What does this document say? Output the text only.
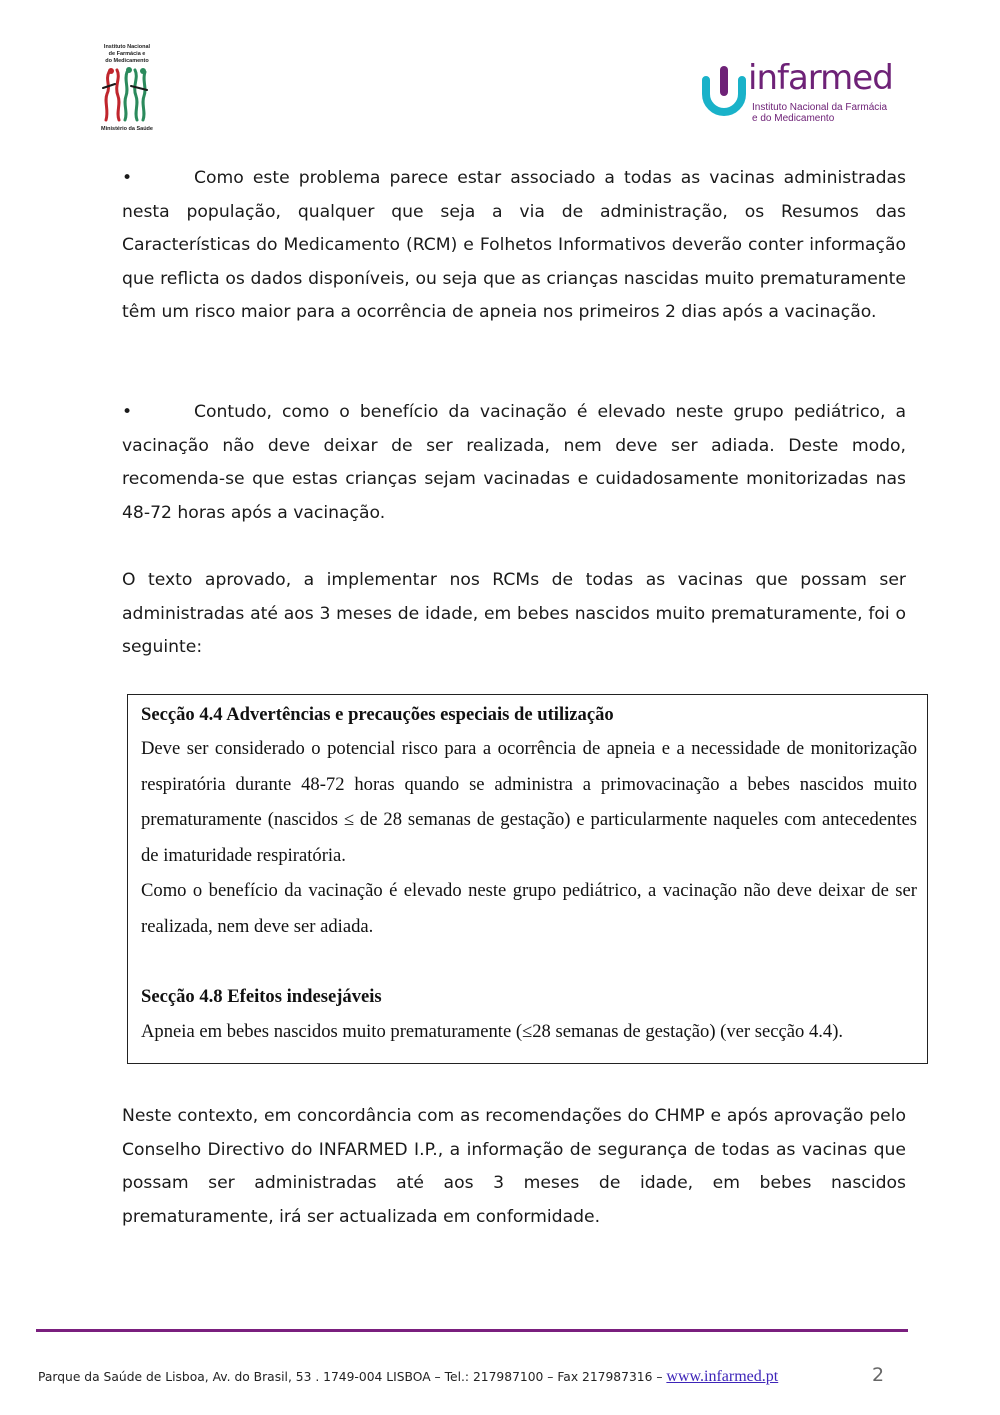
Instituto Nacional
de Farmácia e
do Medicamento
Ministério da Saúde
infarmed
Instituto Nacional da Farmácia
e do Medicamento

•	Como este problema parece estar associado a todas as vacinas administradas nesta população, qualquer que seja a via de administração, os Resumos das Características do Medicamento (RCM) e Folhetos Informativos deverão conter informação que reflicta os dados disponíveis, ou seja que as crianças nascidas muito prematuramente têm um risco maior para a ocorrência de apneia nos primeiros 2 dias após a vacinação.

•	Contudo, como o benefício da vacinação é elevado neste grupo pediátrico, a vacinação não deve deixar de ser realizada, nem deve ser adiada. Deste modo, recomenda-se que estas crianças sejam vacinadas e cuidadosamente monitorizadas nas 48-72 horas após a vacinação.

O texto aprovado, a implementar nos RCMs de todas as vacinas que possam ser administradas até aos 3 meses de idade, em bebes nascidos muito prematuramente, foi o seguinte:

Secção 4.4 Advertências e precauções especiais de utilização

Deve ser considerado o potencial risco para a ocorrência de apneia e a necessidade de monitorização respiratória durante 48-72 horas quando se administra a primovacinação a bebes nascidos muito prematuramente (nascidos ≤ de 28 semanas de gestação) e particularmente naqueles com antecedentes de imaturidade respiratória.

Como o benefício da vacinação é elevado neste grupo pediátrico, a vacinação não deve deixar de ser realizada, nem deve ser adiada.

Secção 4.8 Efeitos indesejáveis

Apneia em bebes nascidos muito prematuramente (≤28 semanas de gestação) (ver secção 4.4).

Neste contexto, em concordância com as recomendações do CHMP e após aprovação pelo Conselho Directivo do INFARMED I.P., a informação de segurança de todas as vacinas que possam ser administradas até aos 3 meses de idade, em bebes nascidos prematuramente, irá ser actualizada em conformidade.

Parque da Saúde de Lisboa, Av. do Brasil, 53 . 1749-004 LISBOA – Tel.: 217987100 – Fax 217987316 – www.infarmed.pt	2
